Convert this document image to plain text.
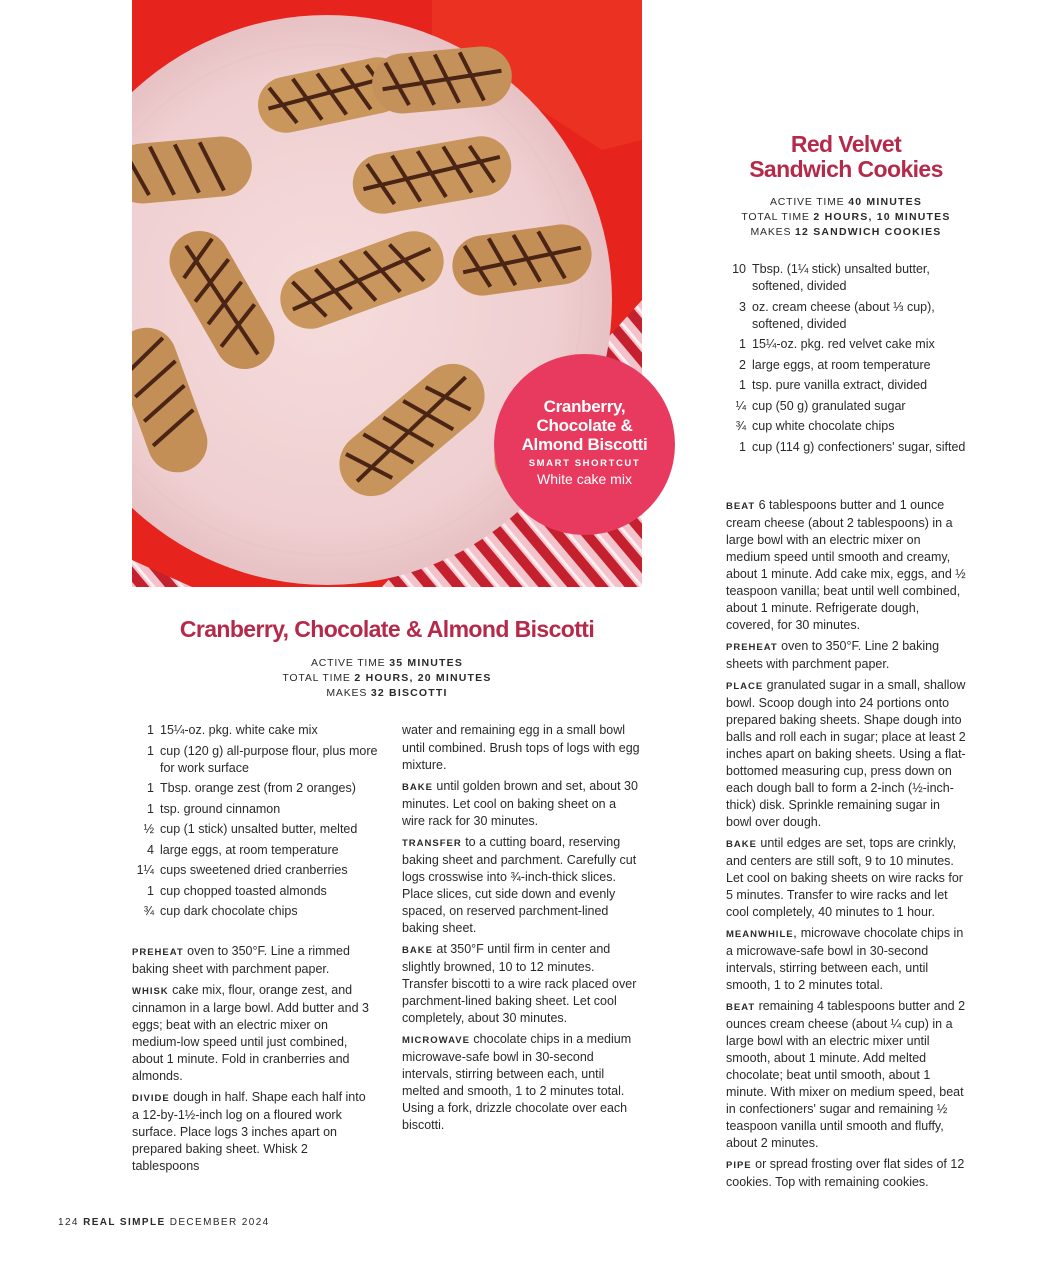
Cranberry,
Chocolate &
Almond Biscotti
SMART SHORTCUT
White cake mix
Cranberry, Chocolate & Almond Biscotti
ACTIVE TIME 35 MINUTES
TOTAL TIME 2 HOURS, 20 MINUTES
MAKES 32 BISCOTTI
1 15¼-oz. pkg. white cake mix
1 cup (120 g) all-purpose flour, plus more for work surface
1 Tbsp. orange zest (from 2 oranges)
1 tsp. ground cinnamon
½ cup (1 stick) unsalted butter, melted
4 large eggs, at room temperature
1¼ cups sweetened dried cranberries
1 cup chopped toasted almonds
¾ cup dark chocolate chips

PREHEAT oven to 350°F. Line a rimmed baking sheet with parchment paper.

WHISK cake mix, flour, orange zest, and cinnamon in a large bowl. Add butter and 3 eggs; beat with an electric mixer on medium-low speed until just combined, about 1 minute. Fold in cranberries and almonds.

DIVIDE dough in half. Shape each half into a 12-by-1½-inch log on a floured work surface. Place logs 3 inches apart on prepared baking sheet. Whisk 2 tablespoons

water and remaining egg in a small bowl until combined. Brush tops of logs with egg mixture.

BAKE until golden brown and set, about 30 minutes. Let cool on baking sheet on a wire rack for 30 minutes.

TRANSFER to a cutting board, reserving baking sheet and parchment. Carefully cut logs crosswise into ¾-inch-thick slices. Place slices, cut side down and evenly spaced, on reserved parchment-lined baking sheet.

BAKE at 350°F until firm in center and slightly browned, 10 to 12 minutes. Transfer biscotti to a wire rack placed over parchment-lined baking sheet. Let cool completely, about 30 minutes.

MICROWAVE chocolate chips in a medium microwave-safe bowl in 30-second intervals, stirring between each, until melted and smooth, 1 to 2 minutes total. Using a fork, drizzle chocolate over each biscotti.

Red Velvet
Sandwich Cookies
ACTIVE TIME 40 MINUTES
TOTAL TIME 2 HOURS, 10 MINUTES
MAKES 12 SANDWICH COOKIES
10 Tbsp. (1¼ stick) unsalted butter, softened, divided
3 oz. cream cheese (about ⅓ cup), softened, divided
1 15¼-oz. pkg. red velvet cake mix
2 large eggs, at room temperature
1 tsp. pure vanilla extract, divided
¼ cup (50 g) granulated sugar
¾ cup white chocolate chips
1 cup (114 g) confectioners' sugar, sifted

BEAT 6 tablespoons butter and 1 ounce cream cheese (about 2 tablespoons) in a large bowl with an electric mixer on medium speed until smooth and creamy, about 1 minute. Add cake mix, eggs, and ½ teaspoon vanilla; beat until well combined, about 1 minute. Refrigerate dough, covered, for 30 minutes.

PREHEAT oven to 350°F. Line 2 baking sheets with parchment paper.

PLACE granulated sugar in a small, shallow bowl. Scoop dough into 24 portions onto prepared baking sheets. Shape dough into balls and roll each in sugar; place at least 2 inches apart on baking sheets. Using a flat-bottomed measuring cup, press down on each dough ball to form a 2-inch (½-inch-thick) disk. Sprinkle remaining sugar in bowl over dough.

BAKE until edges are set, tops are crinkly, and centers are still soft, 9 to 10 minutes. Let cool on baking sheets on wire racks for 5 minutes. Transfer to wire racks and let cool completely, 40 minutes to 1 hour.

MEANWHILE, microwave chocolate chips in a microwave-safe bowl in 30-second intervals, stirring between each, until smooth, 1 to 2 minutes total.

BEAT remaining 4 tablespoons butter and 2 ounces cream cheese (about ¼ cup) in a large bowl with an electric mixer until smooth, about 1 minute. Add melted chocolate; beat until smooth, about 1 minute. With mixer on medium speed, beat in confectioners' sugar and remaining ½ teaspoon vanilla until smooth and fluffy, about 2 minutes.

PIPE or spread frosting over flat sides of 12 cookies. Top with remaining cookies.

124 REAL SIMPLE DECEMBER 2024
